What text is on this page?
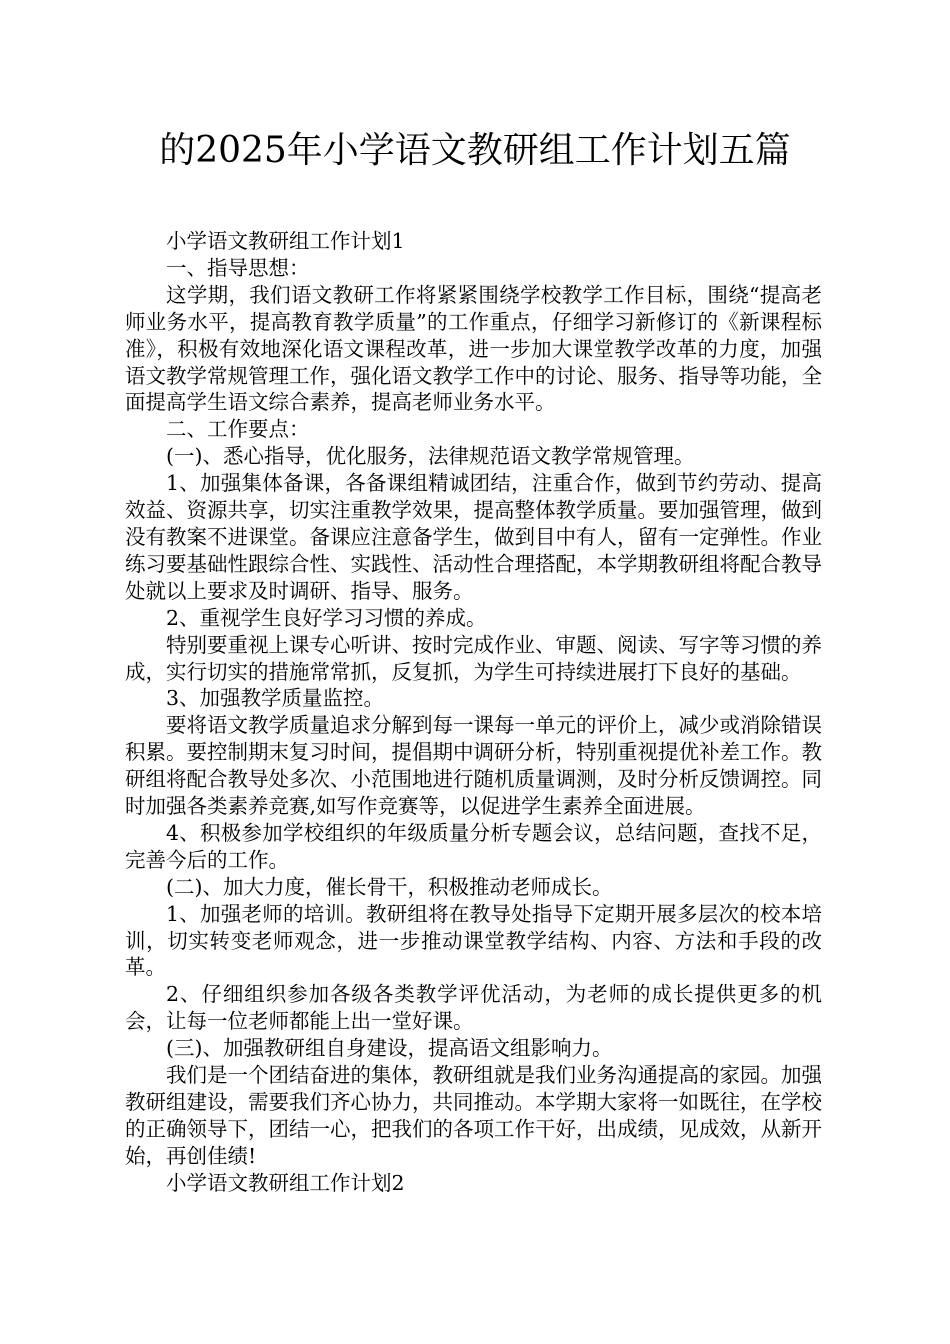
的2025年小学语文教研组工作计划五篇

小学语文教研组工作计划1

一、指导思想：

这学期，我们语文教研工作将紧紧围绕学校教学工作目标，围绕“提高老师业务水平，提高教育教学质量”的工作重点，仔细学习新修订的《新课程标准》，积极有效地深化语文课程改革，进一步加大课堂教学改革的力度，加强语文教学常规管理工作，强化语文教学工作中的讨论、服务、指导等功能，全面提高学生语文综合素养，提高老师业务水平。

二、工作要点：

(一)、悉心指导，优化服务，法律规范语文教学常规管理。

1、加强集体备课，各备课组精诚团结，注重合作，做到节约劳动、提高效益、资源共享，切实注重教学效果，提高整体教学质量。要加强管理，做到没有教案不进课堂。备课应注意备学生，做到目中有人，留有一定弹性。作业练习要基础性跟综合性、实践性、活动性合理搭配，本学期教研组将配合教导处就以上要求及时调研、指导、服务。

2、重视学生良好学习习惯的养成。

特别要重视上课专心听讲、按时完成作业、审题、阅读、写字等习惯的养成，实行切实的措施常常抓，反复抓，为学生可持续进展打下良好的基础。

3、加强教学质量监控。

要将语文教学质量追求分解到每一课每一单元的评价上，减少或消除错误积累。要控制期末复习时间，提倡期中调研分析，特别重视提优补差工作。教研组将配合教导处多次、小范围地进行随机质量调测，及时分析反馈调控。同时加强各类素养竞赛,如写作竞赛等，以促进学生素养全面进展。

4、积极参加学校组织的年级质量分析专题会议，总结问题，查找不足，完善今后的工作。

(二)、加大力度，催长骨干，积极推动老师成长。

1、加强老师的培训。教研组将在教导处指导下定期开展多层次的校本培训，切实转变老师观念，进一步推动课堂教学结构、内容、方法和手段的改革。

2、仔细组织参加各级各类教学评优活动，为老师的成长提供更多的机会，让每一位老师都能上出一堂好课。

(三)、加强教研组自身建设，提高语文组影响力。

我们是一个团结奋进的集体，教研组就是我们业务沟通提高的家园。加强教研组建设，需要我们齐心协力，共同推动。本学期大家将一如既往，在学校的正确领导下，团结一心，把我们的各项工作干好，出成绩，见成效，从新开始，再创佳绩!

小学语文教研组工作计划2
